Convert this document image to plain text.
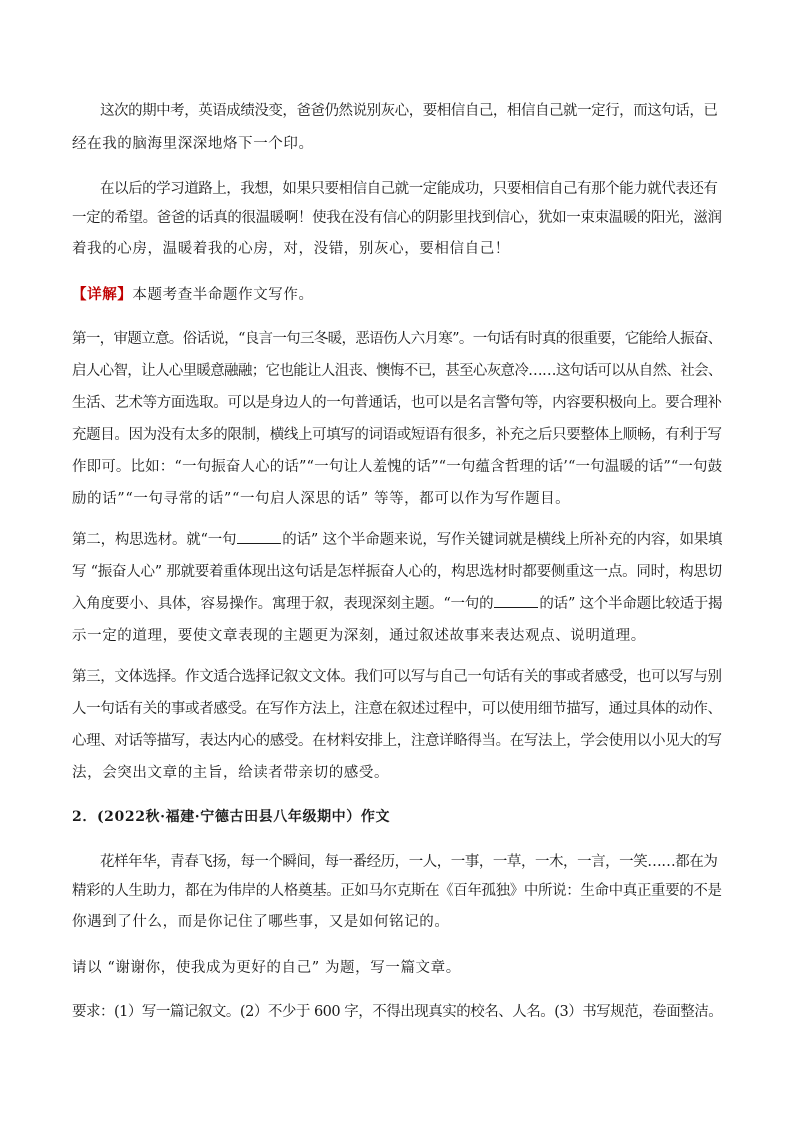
这次的期中考，英语成绩没变，爸爸仍然说别灰心，要相信自己，相信自己就一定行，而这句话，已
经在我的脑海里深深地烙下一个印。
在以后的学习道路上，我想，如果只要相信自己就一定能成功，只要相信自己有那个能力就代表还有
一定的希望。爸爸的话真的很温暖啊！使我在没有信心的阴影里找到信心，犹如一束束温暖的阳光，滋润
着我的心房，温暖着我的心房，对，没错，别灰心，要相信自己！
【详解】本题考查半命题作文写作。
第一，审题立意。俗话说，“良言一句三冬暖，恶语伤人六月寒”。一句话有时真的很重要，它能给人振奋、
启人心智，让人心里暖意融融；它也能让人沮丧、懊悔不已，甚至心灰意冷……这句话可以从自然、社会、
生活、艺术等方面选取。可以是身边人的一句普通话，也可以是名言警句等，内容要积极向上。要合理补
充题目。因为没有太多的限制，横线上可填写的词语或短语有很多，补充之后只要整体上顺畅，有利于写
作即可。比如：“一句振奋人心的话”“一句让人羞愧的话”“一句蕴含哲理的话’“一句温暖的话”“一句鼓
励的话”“一句寻常的话”“一句启人深思的话” 等等，都可以作为写作题目。
第二，构思选材。就“一句	的话” 这个半命题来说，写作关键词就是横线上所补充的内容，如果填
写 “振奋人心” 那就要着重体现出这句话是怎样振奋人心的，构思选材时都要侧重这一点。同时，构思切
入角度要小、具体，容易操作。寓理于叙，表现深刻主题。“一句的	的话” 这个半命题比较适于揭
示一定的道理，要使文章表现的主题更为深刻，通过叙述故事来表达观点、说明道理。
第三，文体选择。作文适合选择记叙文文体。我们可以写与自己一句话有关的事或者感受，也可以写与别
人一句话有关的事或者感受。在写作方法上，注意在叙述过程中，可以使用细节描写，通过具体的动作、
心理、对话等描写，表达内心的感受。在材料安排上，注意详略得当。在写法上，学会使用以小见大的写
法，会突出文章的主旨，给读者带亲切的感受。
2．(2022秋·福建·宁德古田县八年级期中）作文
花样年华，青春飞扬，每一个瞬间，每一番经历，一人，一事，一草，一木，一言，一笑……都在为
精彩的人生助力，都在为伟岸的人格奠基。正如马尔克斯在《百年孤独》中所说：生命中真正重要的不是
你遇到了什么，而是你记住了哪些事，又是如何铭记的。
请以 “谢谢你，使我成为更好的自己” 为题，写一篇文章。
要求：(1）写一篇记叙文。(2）不少于 600 字，不得出现真实的校名、人名。(3）书写规范，卷面整洁。
